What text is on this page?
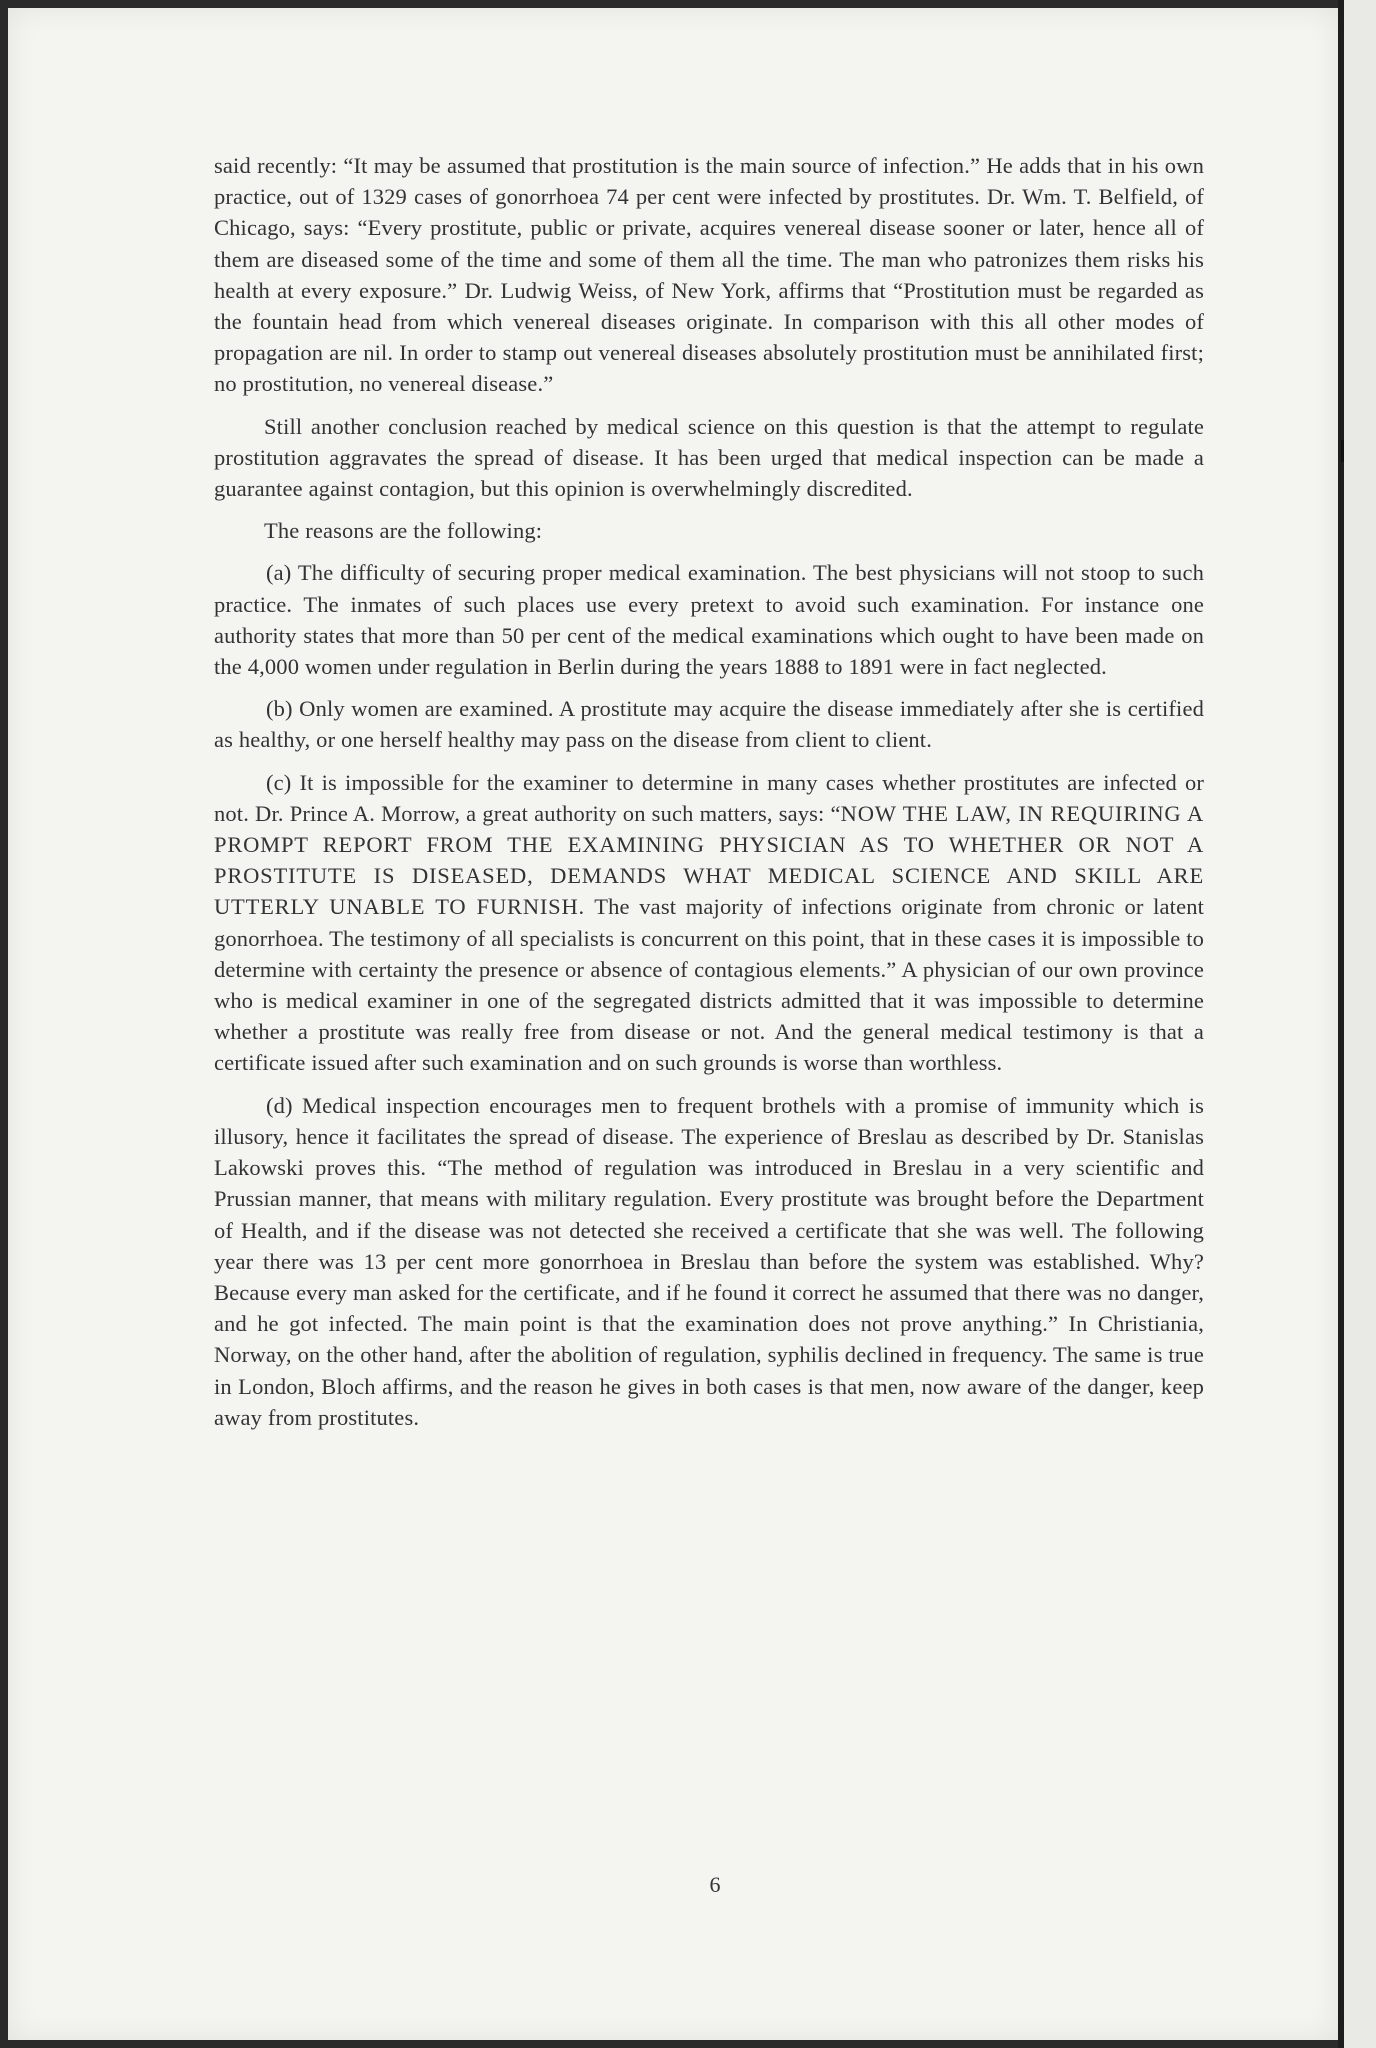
said recently: “It may be assumed that prostitution is the main source of infection.” He adds that in his own practice, out of 1329 cases of gonorrhoea 74 per cent were infected by prostitutes. Dr. Wm. T. Belfield, of Chicago, says: “Every prostitute, public or private, acquires venereal disease sooner or later, hence all of them are diseased some of the time and some of them all the time. The man who patronizes them risks his health at every exposure.” Dr. Ludwig Weiss, of New York, affirms that “Prostitution must be regarded as the fountain head from which venereal diseases originate. In comparison with this all other modes of propagation are nil. In order to stamp out venereal diseases absolutely prostitution must be annihilated first; no prostitution, no venereal disease.”

Still another conclusion reached by medical science on this question is that the attempt to regulate prostitution aggravates the spread of disease. It has been urged that medical inspection can be made a guarantee against contagion, but this opinion is overwhelmingly discredited.

The reasons are the following:

(a) The difficulty of securing proper medical examination. The best physicians will not stoop to such practice. The inmates of such places use every pretext to avoid such examination. For instance one authority states that more than 50 per cent of the medical examinations which ought to have been made on the 4,000 women under regulation in Berlin during the years 1888 to 1891 were in fact neglected.

(b) Only women are examined. A prostitute may acquire the disease immediately after she is certified as healthy, or one herself healthy may pass on the disease from client to client.

(c) It is impossible for the examiner to determine in many cases whether prostitutes are infected or not. Dr. Prince A. Morrow, a great authority on such matters, says: “NOW THE LAW, IN REQUIRING A PROMPT REPORT FROM THE EXAMINING PHYSICIAN AS TO WHETHER OR NOT A PROSTITUTE IS DISEASED, DEMANDS WHAT MEDICAL SCIENCE AND SKILL ARE UTTERLY UNABLE TO FURNISH. The vast majority of infections originate from chronic or latent gonorrhoea. The testimony of all specialists is concurrent on this point, that in these cases it is impossible to determine with certainty the presence or absence of contagious elements.” A physician of our own province who is medical examiner in one of the segregated districts admitted that it was impossible to determine whether a prostitute was really free from disease or not. And the general medical testimony is that a certificate issued after such examination and on such grounds is worse than worthless.

(d) Medical inspection encourages men to frequent brothels with a promise of immunity which is illusory, hence it facilitates the spread of disease. The experience of Breslau as described by Dr. Stanislas Lakowski proves this. “The method of regulation was introduced in Breslau in a very scientific and Prussian manner, that means with military regulation. Every prostitute was brought before the Department of Health, and if the disease was not detected she received a certificate that she was well. The following year there was 13 per cent more gonorrhoea in Breslau than before the system was established. Why? Because every man asked for the certificate, and if he found it correct he assumed that there was no danger, and he got infected. The main point is that the examination does not prove anything.” In Christiania, Norway, on the other hand, after the abolition of regulation, syphilis declined in frequency. The same is true in London, Bloch affirms, and the reason he gives in both cases is that men, now aware of the danger, keep away from prostitutes.

6
